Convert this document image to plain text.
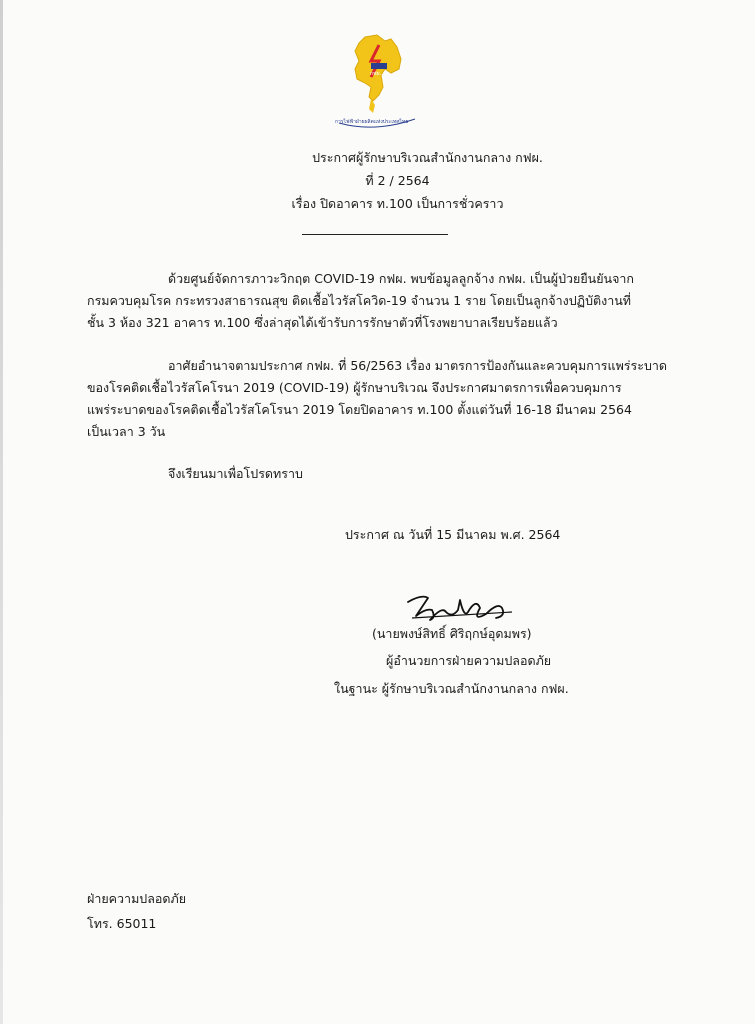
กฟผ.
การไฟฟ้าฝ่ายผลิตแห่งประเทศไทย
ประกาศผู้รักษาบริเวณสำนักงานกลาง กฟผ.
ที่ 2 / 2564
เรื่อง ปิดอาคาร ท.100 เป็นการชั่วคราว
ด้วยศูนย์จัดการภาวะวิกฤต COVID-19 กฟผ. พบข้อมูลลูกจ้าง กฟผ. เป็นผู้ป่วยยืนยันจาก
กรมควบคุมโรค กระทรวงสาธารณสุข ติดเชื้อไวรัสโควิด-19 จำนวน 1 ราย โดยเป็นลูกจ้างปฏิบัติงานที่
ชั้น 3 ห้อง 321 อาคาร ท.100 ซึ่งล่าสุดได้เข้ารับการรักษาตัวที่โรงพยาบาลเรียบร้อยแล้ว
อาศัยอำนาจตามประกาศ กฟผ. ที่ 56/2563 เรื่อง มาตรการป้องกันและควบคุมการแพร่ระบาด
ของโรคติดเชื้อไวรัสโคโรนา 2019 (COVID-19) ผู้รักษาบริเวณ จึงประกาศมาตรการเพื่อควบคุมการ
แพร่ระบาดของโรคติดเชื้อไวรัสโคโรนา 2019 โดยปิดอาคาร ท.100 ตั้งแต่วันที่ 16-18 มีนาคม 2564
เป็นเวลา 3 วัน
จึงเรียนมาเพื่อโปรดทราบ
ประกาศ ณ วันที่ 15 มีนาคม พ.ศ. 2564
(นายพงษ์สิทธิ์ ศิริฤกษ์อุดมพร)
ผู้อำนวยการฝ่ายความปลอดภัย
ในฐานะ ผู้รักษาบริเวณสำนักงานกลาง กฟผ.
ฝ่ายความปลอดภัย
โทร. 65011
